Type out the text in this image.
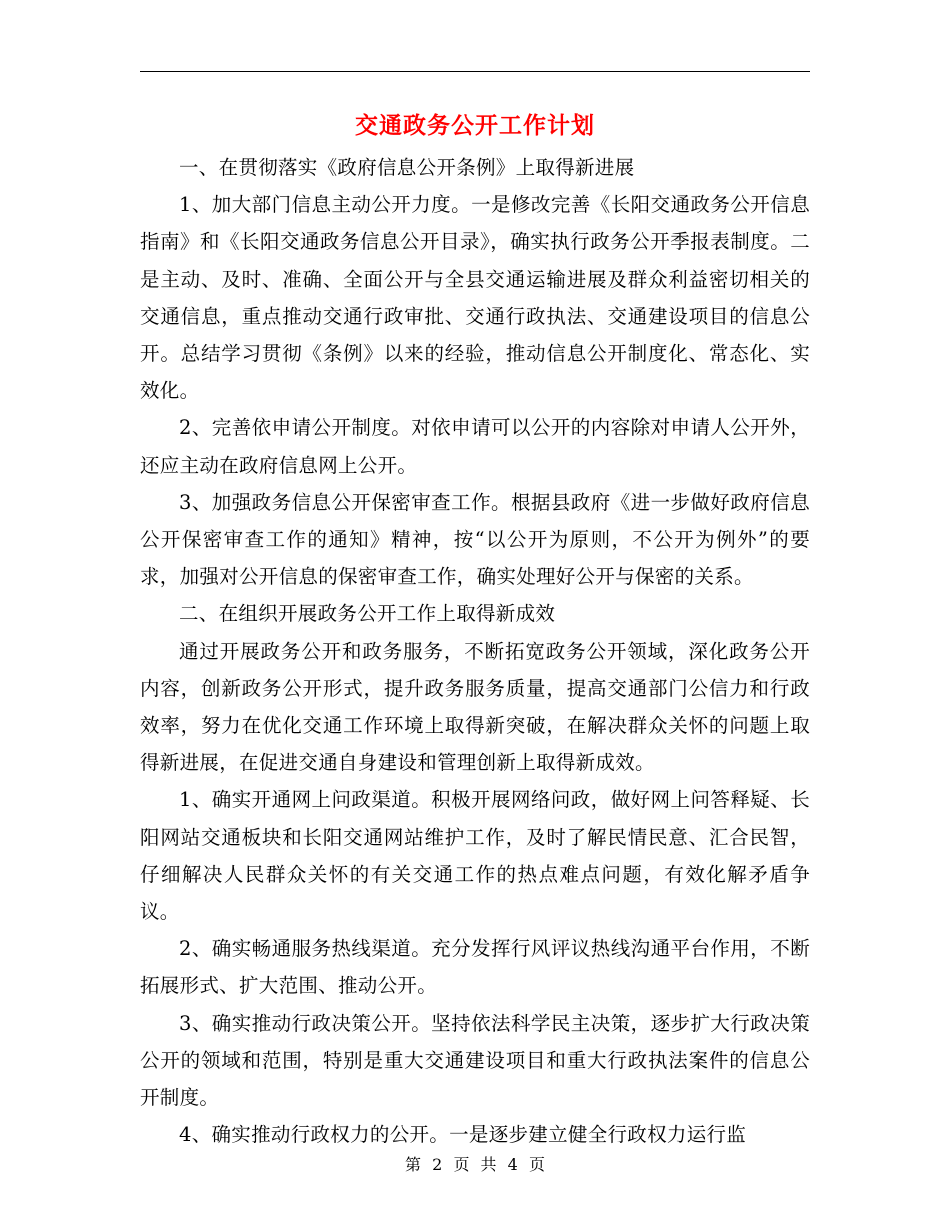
交通政务公开工作计划

一、在贯彻落实《政府信息公开条例》上取得新进展

1、加大部门信息主动公开力度。一是修改完善《长阳交通政务公开信息指南》和《长阳交通政务信息公开目录》，确实执行政务公开季报表制度。二是主动、及时、准确、全面公开与全县交通运输进展及群众利益密切相关的交通信息，重点推动交通行政审批、交通行政执法、交通建设项目的信息公开。总结学习贯彻《条例》以来的经验，推动信息公开制度化、常态化、实效化。

2、完善依申请公开制度。对依申请可以公开的内容除对申请人公开外，还应主动在政府信息网上公开。

3、加强政务信息公开保密审查工作。根据县政府《进一步做好政府信息公开保密审查工作的通知》精神，按“以公开为原则，不公开为例外”的要求，加强对公开信息的保密审查工作，确实处理好公开与保密的关系。

二、在组织开展政务公开工作上取得新成效

通过开展政务公开和政务服务，不断拓宽政务公开领域，深化政务公开内容，创新政务公开形式，提升政务服务质量，提高交通部门公信力和行政效率，努力在优化交通工作环境上取得新突破，在解决群众关怀的问题上取得新进展，在促进交通自身建设和管理创新上取得新成效。

1、确实开通网上问政渠道。积极开展网络问政，做好网上问答释疑、长阳网站交通板块和长阳交通网站维护工作，及时了解民情民意、汇合民智，仔细解决人民群众关怀的有关交通工作的热点难点问题，有效化解矛盾争议。

2、确实畅通服务热线渠道。充分发挥行风评议热线沟通平台作用，不断拓展形式、扩大范围、推动公开。

3、确实推动行政决策公开。坚持依法科学民主决策，逐步扩大行政决策公开的领域和范围，特别是重大交通建设项目和重大行政执法案件的信息公开制度。

4、确实推动行政权力的公开。一是逐步建立健全行政权力运行监

第 2 页 共 4 页
